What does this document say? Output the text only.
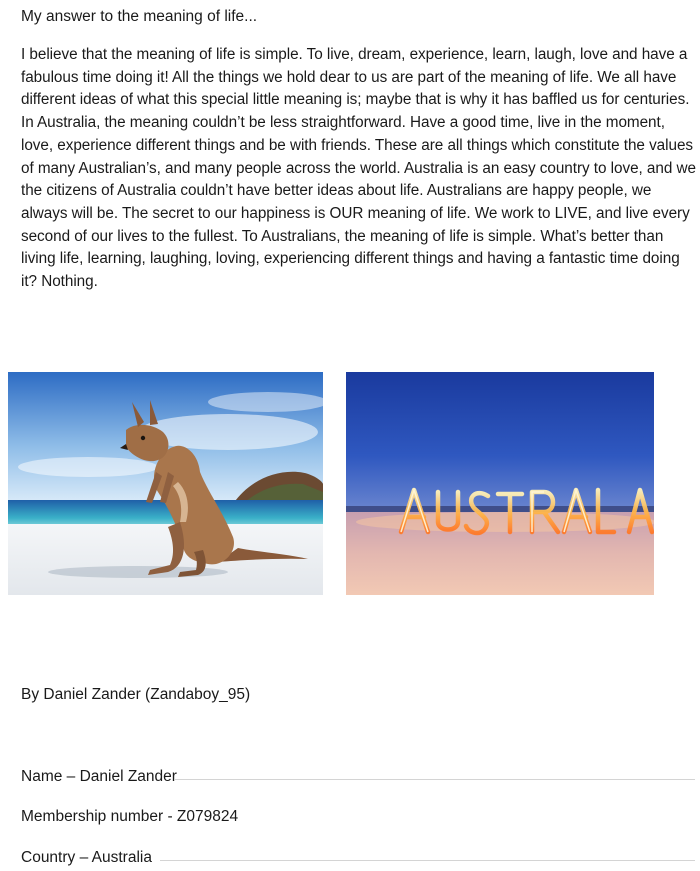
My answer to the meaning of life...

I believe that the meaning of life is simple. To live, dream, experience, learn, laugh, love and have a fabulous time doing it! All the things we hold dear to us are part of the meaning of life. We all have different ideas of what this special little meaning is; maybe that is why it has baffled us for centuries. In Australia, the meaning couldn’t be less straightforward. Have a good time, live in the moment, love, experience different things and be with friends. These are all things which constitute the values of many Australian’s, and many people across the world. Australia is an easy country to love, and we the citizens of Australia couldn’t have better ideas about life. Australians are happy people, we always will be. The secret to our happiness is OUR meaning of life. We work to LIVE, and live every second of our lives to the fullest. To Australians, the meaning of life is simple. What’s better than living life, learning, laughing, loving, experiencing different things and having a fantastic time doing it? Nothing.

By Daniel Zander (Zandaboy_95)

Name – Daniel Zander

Membership number - Z079824

Country – Australia
